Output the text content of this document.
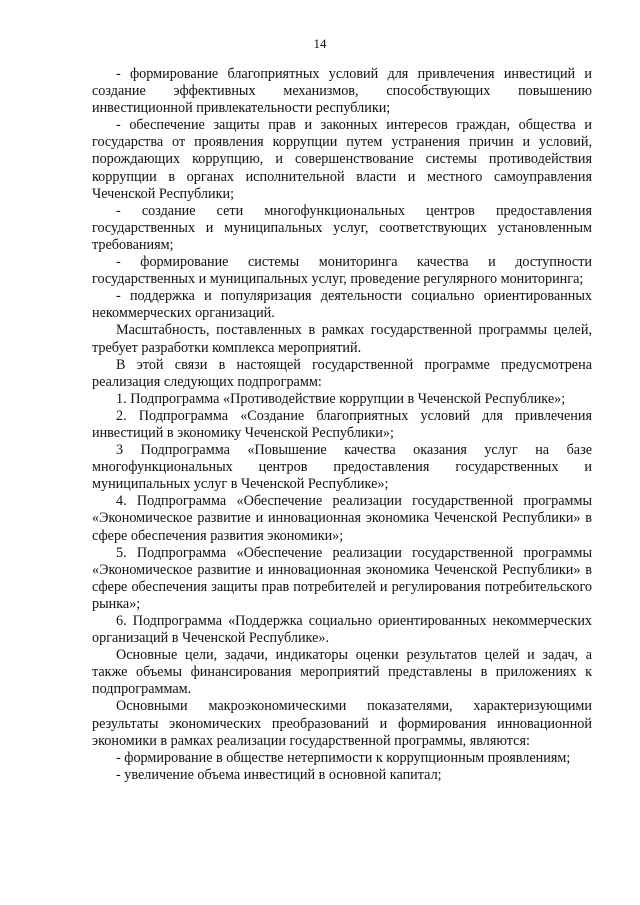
14

- формирование благоприятных условий для привлечения инвестиций и создание эффективных механизмов, способствующих повышению инвестиционной привлекательности республики;

- обеспечение защиты прав и законных интересов граждан, общества и государства от проявления коррупции путем устранения причин и условий, порождающих коррупцию, и совершенствование системы противодействия коррупции в органах исполнительной власти и местного самоуправления Чеченской Республики;

- создание сети многофункциональных центров предоставления государственных и муниципальных услуг, соответствующих установленным требованиям;

- формирование системы мониторинга качества и доступности государственных и муниципальных услуг, проведение регулярного мониторинга;

- поддержка и популяризация деятельности социально ориентированных некоммерческих организаций.

Масштабность, поставленных в рамках государственной программы целей, требует разработки комплекса мероприятий.

В этой связи в настоящей государственной программе предусмотрена реализация следующих подпрограмм:

1. Подпрограмма «Противодействие коррупции в Чеченской Республике»;

2. Подпрограмма «Создание благоприятных условий для привлечения инвестиций в экономику Чеченской Республики»;

3 Подпрограмма «Повышение качества оказания услуг на базе многофункциональных центров предоставления государственных и муниципальных услуг в Чеченской Республике»;

4. Подпрограмма «Обеспечение реализации государственной программы «Экономическое развитие и инновационная экономика Чеченской Республики» в сфере обеспечения развития экономики»;

5. Подпрограмма «Обеспечение реализации государственной программы «Экономическое развитие и инновационная экономика Чеченской Республики» в сфере обеспечения защиты прав потребителей и регулирования потребительского рынка»;

6. Подпрограмма «Поддержка социально ориентированных некоммерческих организаций в Чеченской Республике».

Основные цели, задачи, индикаторы оценки результатов целей и задач, а также объемы финансирования мероприятий представлены в приложениях к подпрограммам.

Основными макроэкономическими показателями, характеризующими результаты экономических преобразований и формирования инновационной экономики в рамках реализации государственной программы, являются:

- формирование в обществе нетерпимости к коррупционным проявлениям;

- увеличение объема инвестиций в основной капитал;
